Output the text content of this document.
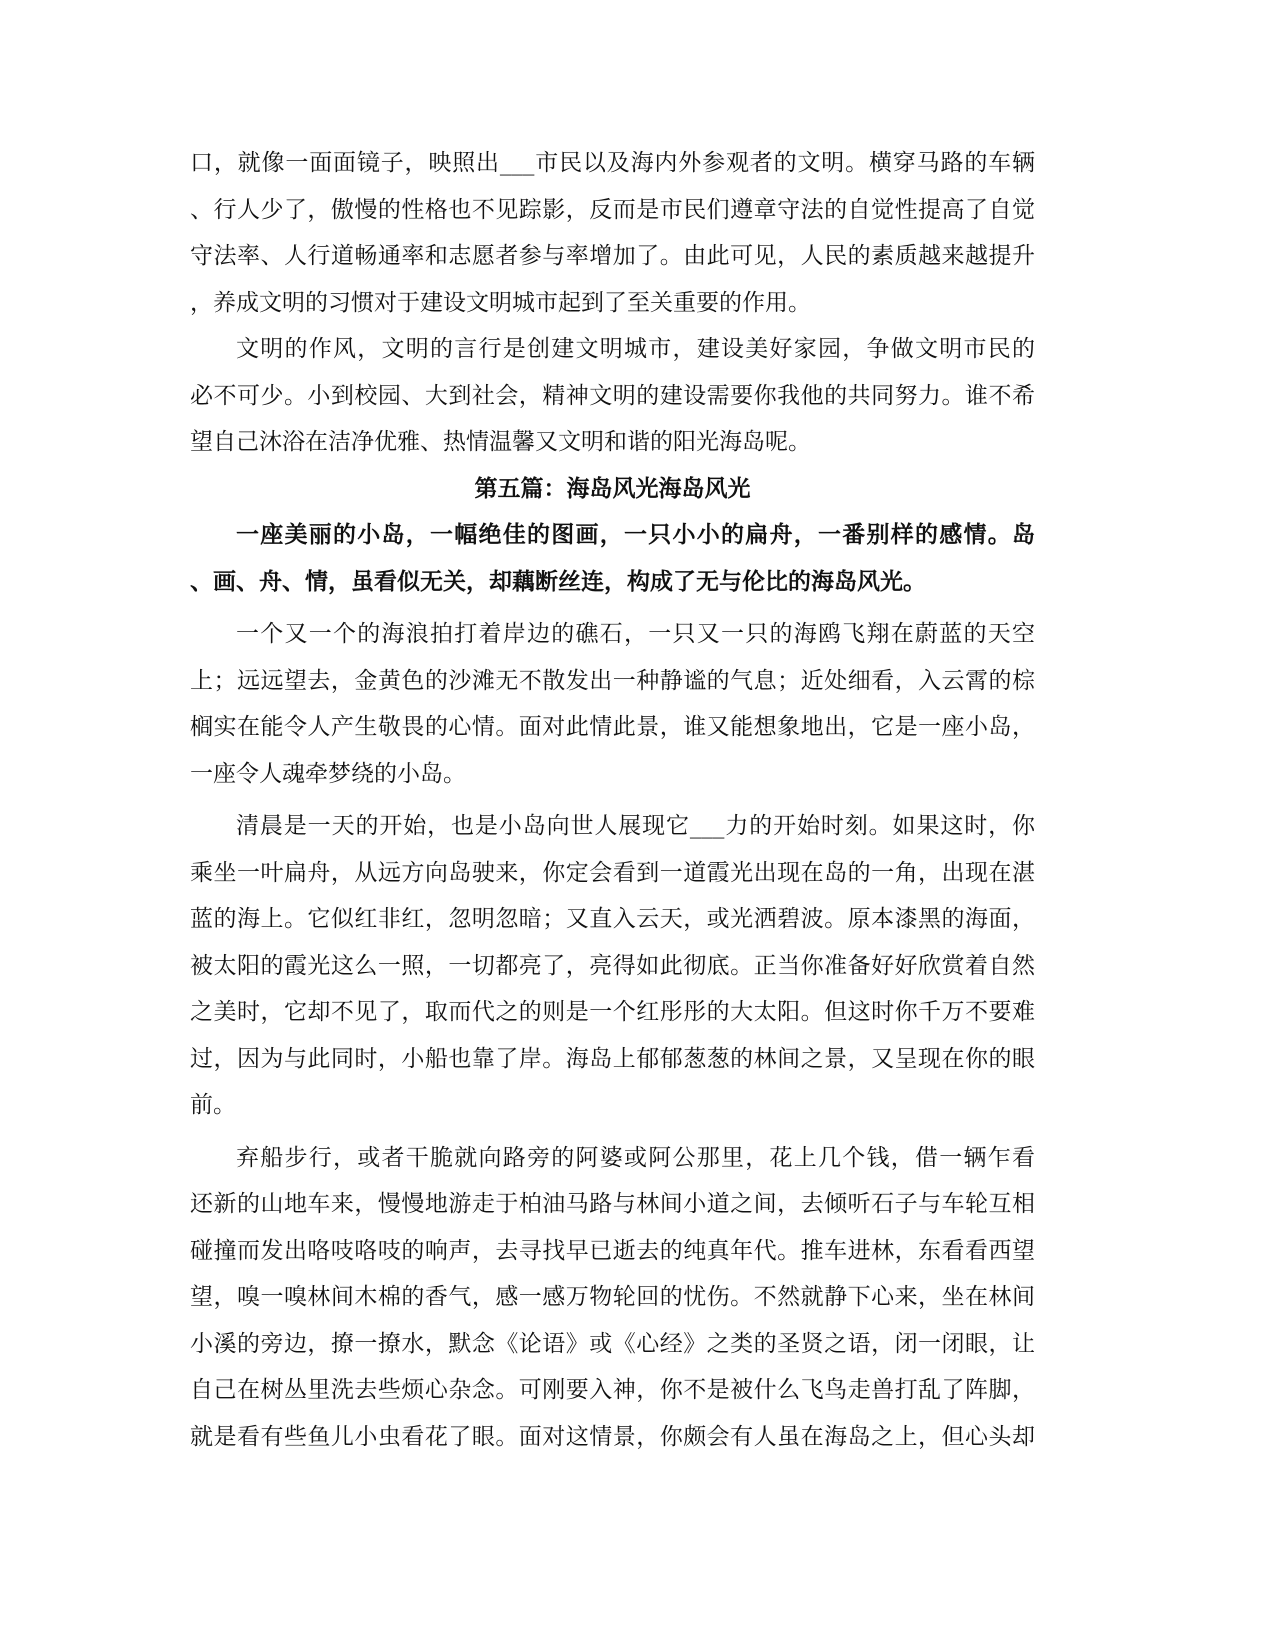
口，就像一面面镜子，映照出___市民以及海内外参观者的文明。横穿马路的车辆
、行人少了，傲慢的性格也不见踪影，反而是市民们遵章守法的自觉性提高了自觉
守法率、人行道畅通率和志愿者参与率增加了。由此可见，人民的素质越来越提升
，养成文明的习惯对于建设文明城市起到了至关重要的作用。
文明的作风，文明的言行是创建文明城市，建设美好家园，争做文明市民的
必不可少。小到校园、大到社会，精神文明的建设需要你我他的共同努力。谁不希
望自己沐浴在洁净优雅、热情温馨又文明和谐的阳光海岛呢。
第五篇：海岛风光海岛风光
一座美丽的小岛，一幅绝佳的图画，一只小小的扁舟，一番别样的感情。岛
、画、舟、情，虽看似无关，却藕断丝连，构成了无与伦比的海岛风光。
一个又一个的海浪拍打着岸边的礁石，一只又一只的海鸥飞翔在蔚蓝的天空
上；远远望去，金黄色的沙滩无不散发出一种静谧的气息；近处细看，入云霄的棕
榈实在能令人产生敬畏的心情。面对此情此景，谁又能想象地出，它是一座小岛，
一座令人魂牵梦绕的小岛。
清晨是一天的开始，也是小岛向世人展现它___力的开始时刻。如果这时，你
乘坐一叶扁舟，从远方向岛驶来，你定会看到一道霞光出现在岛的一角，出现在湛
蓝的海上。它似红非红，忽明忽暗；又直入云天，或光洒碧波。原本漆黑的海面，
被太阳的霞光这么一照，一切都亮了，亮得如此彻底。正当你准备好好欣赏着自然
之美时，它却不见了，取而代之的则是一个红彤彤的大太阳。但这时你千万不要难
过，因为与此同时，小船也靠了岸。海岛上郁郁葱葱的林间之景，又呈现在你的眼
前。
弃船步行，或者干脆就向路旁的阿婆或阿公那里，花上几个钱，借一辆乍看
还新的山地车来，慢慢地游走于柏油马路与林间小道之间，去倾听石子与车轮互相
碰撞而发出咯吱咯吱的响声，去寻找早已逝去的纯真年代。推车进林，东看看西望
望，嗅一嗅林间木棉的香气，感一感万物轮回的忧伤。不然就静下心来，坐在林间
小溪的旁边，撩一撩水，默念《论语》或《心经》之类的圣贤之语，闭一闭眼，让
自己在树丛里洗去些烦心杂念。可刚要入神，你不是被什么飞鸟走兽打乱了阵脚，
就是看有些鱼儿小虫看花了眼。面对这情景，你颇会有人虽在海岛之上，但心头却
